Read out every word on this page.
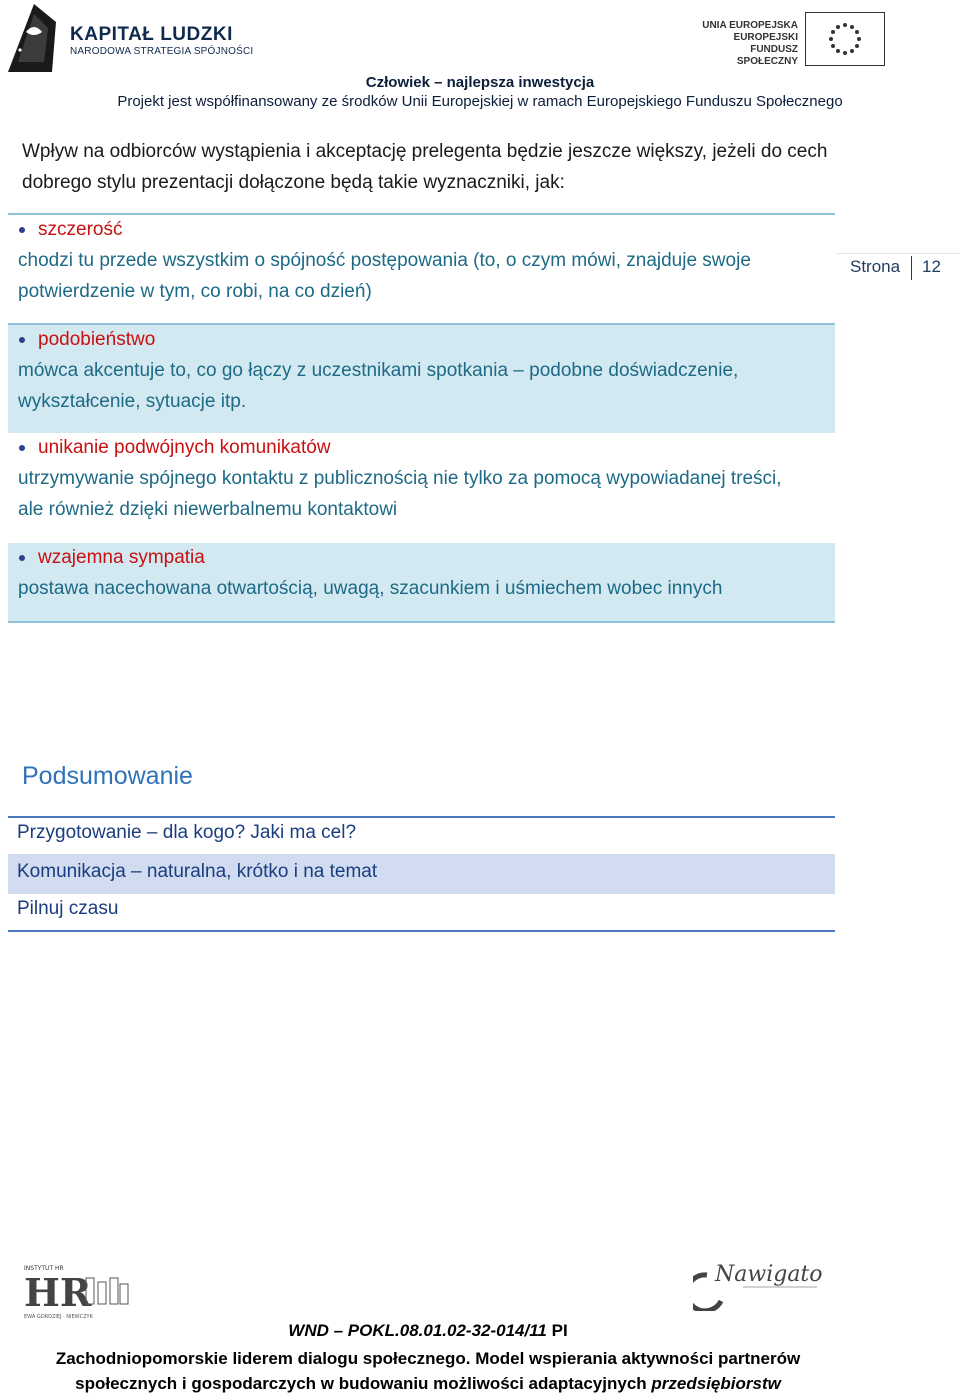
KAPITAŁ LUDZKI
NARODOWA STRATEGIA SPÓJNOŚCI
UNIA EUROPEJSKA
EUROPEJSKI
FUNDUSZ SPOŁECZNY
Człowiek – najlepsza inwestycja
Projekt jest współfinansowany ze środków Unii Europejskiej w ramach Europejskiego Funduszu Społecznego
Wpływ na odbiorców wystąpienia i akceptację prelegenta będzie jeszcze większy, jeżeli do cech dobrego stylu prezentacji dołączone będą takie wyznaczniki, jak:
Strona 12
szczerość
chodzi tu przede wszystkim o spójność postępowania (to, o czym mówi, znajduje swoje potwierdzenie w tym, co robi, na co dzień)
podobieństwo
mówca akcentuje to, co go łączy z uczestnikami spotkania – podobne doświadczenie, wykształcenie, sytuacje itp.
unikanie podwójnych komunikatów
utrzymywanie spójnego kontaktu z publicznością nie tylko za pomocą wypowiadanej treści, ale również dzięki niewerbalnemu kontaktowi
wzajemna sympatia
postawa nacechowana otwartością, uwagą, szacunkiem i uśmiechem wobec innych
Podsumowanie
Przygotowanie – dla kogo? Jaki ma cel?
Komunikacja – naturalna, krótko i na temat
Pilnuj czasu
INSTYTUT HR
HR
EWA GORDZIEJ · NIEWCZYK
Nawigator
WND – POKL.08.01.02-32-014/11 PI
Zachodniopomorskie liderem dialogu społecznego. Model wspierania aktywności partnerów
społecznych i gospodarczych w budowaniu możliwości adaptacyjnych przedsiębiorstw
